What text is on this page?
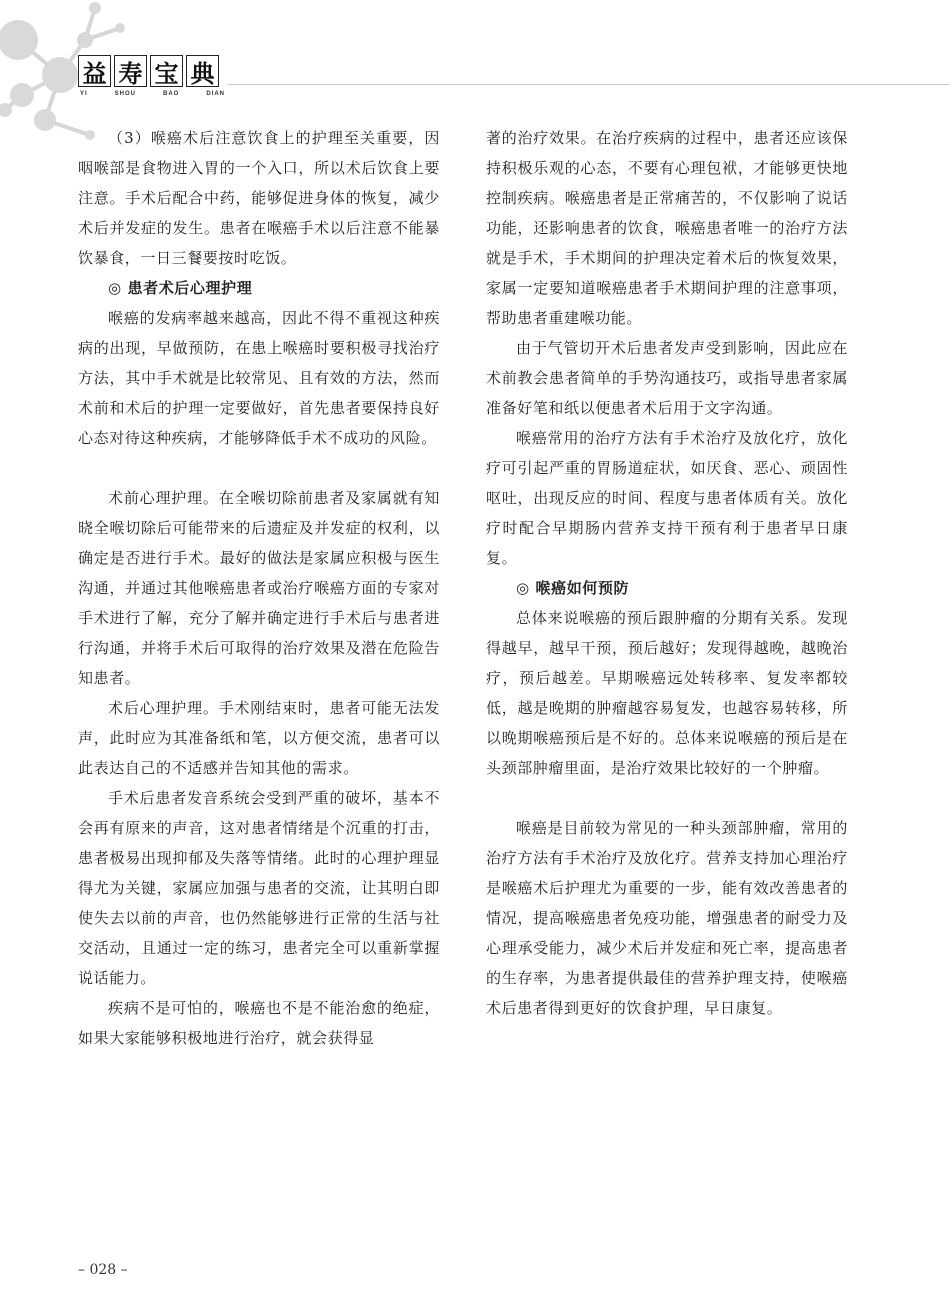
益 寿 宝 典
YI	SHOU	BAO	DIAN

（3）喉癌术后注意饮食上的护理至关重要，因咽喉部是食物进入胃的一个入口，所以术后饮食上要注意。手术后配合中药，能够促进身体的恢复，减少术后并发症的发生。患者在喉癌手术以后注意不能暴饮暴食，一日三餐要按时吃饭。

◎ 患者术后心理护理

喉癌的发病率越来越高，因此不得不重视这种疾病的出现，早做预防，在患上喉癌时要积极寻找治疗方法，其中手术就是比较常见、且有效的方法，然而术前和术后的护理一定要做好，首先患者要保持良好心态对待这种疾病，才能够降低手术不成功的风险。

术前心理护理。在全喉切除前患者及家属就有知晓全喉切除后可能带来的后遗症及并发症的权利，以确定是否进行手术。最好的做法是家属应积极与医生沟通，并通过其他喉癌患者或治疗喉癌方面的专家对手术进行了解，充分了解并确定进行手术后与患者进行沟通，并将手术后可取得的治疗效果及潜在危险告知患者。

术后心理护理。手术刚结束时，患者可能无法发声，此时应为其准备纸和笔，以方便交流，患者可以此表达自己的不适感并告知其他的需求。

手术后患者发音系统会受到严重的破坏，基本不会再有原来的声音，这对患者情绪是个沉重的打击，患者极易出现抑郁及失落等情绪。此时的心理护理显得尤为关键，家属应加强与患者的交流，让其明白即使失去以前的声音，也仍然能够进行正常的生活与社交活动，且通过一定的练习，患者完全可以重新掌握说话能力。

疾病不是可怕的，喉癌也不是不能治愈的绝症，如果大家能够积极地进行治疗，就会获得显

著的治疗效果。在治疗疾病的过程中，患者还应该保持积极乐观的心态，不要有心理包袱，才能够更快地控制疾病。喉癌患者是正常痛苦的，不仅影响了说话功能，还影响患者的饮食，喉癌患者唯一的治疗方法就是手术，手术期间的护理决定着术后的恢复效果，家属一定要知道喉癌患者手术期间护理的注意事项，帮助患者重建喉功能。

由于气管切开术后患者发声受到影响，因此应在术前教会患者简单的手势沟通技巧，或指导患者家属准备好笔和纸以便患者术后用于文字沟通。

喉癌常用的治疗方法有手术治疗及放化疗，放化疗可引起严重的胃肠道症状，如厌食、恶心、顽固性呕吐，出现反应的时间、程度与患者体质有关。放化疗时配合早期肠内营养支持干预有利于患者早日康复。

◎ 喉癌如何预防

总体来说喉癌的预后跟肿瘤的分期有关系。发现得越早，越早干预，预后越好；发现得越晚，越晚治疗，预后越差。早期喉癌远处转移率、复发率都较低，越是晚期的肿瘤越容易复发，也越容易转移，所以晚期喉癌预后是不好的。总体来说喉癌的预后是在头颈部肿瘤里面，是治疗效果比较好的一个肿瘤。

喉癌是目前较为常见的一种头颈部肿瘤，常用的治疗方法有手术治疗及放化疗。营养支持加心理治疗是喉癌术后护理尤为重要的一步，能有效改善患者的情况，提高喉癌患者免疫功能，增强患者的耐受力及心理承受能力，减少术后并发症和死亡率，提高患者的生存率，为患者提供最佳的营养护理支持，使喉癌术后患者得到更好的饮食护理，早日康复。

– 028 –
